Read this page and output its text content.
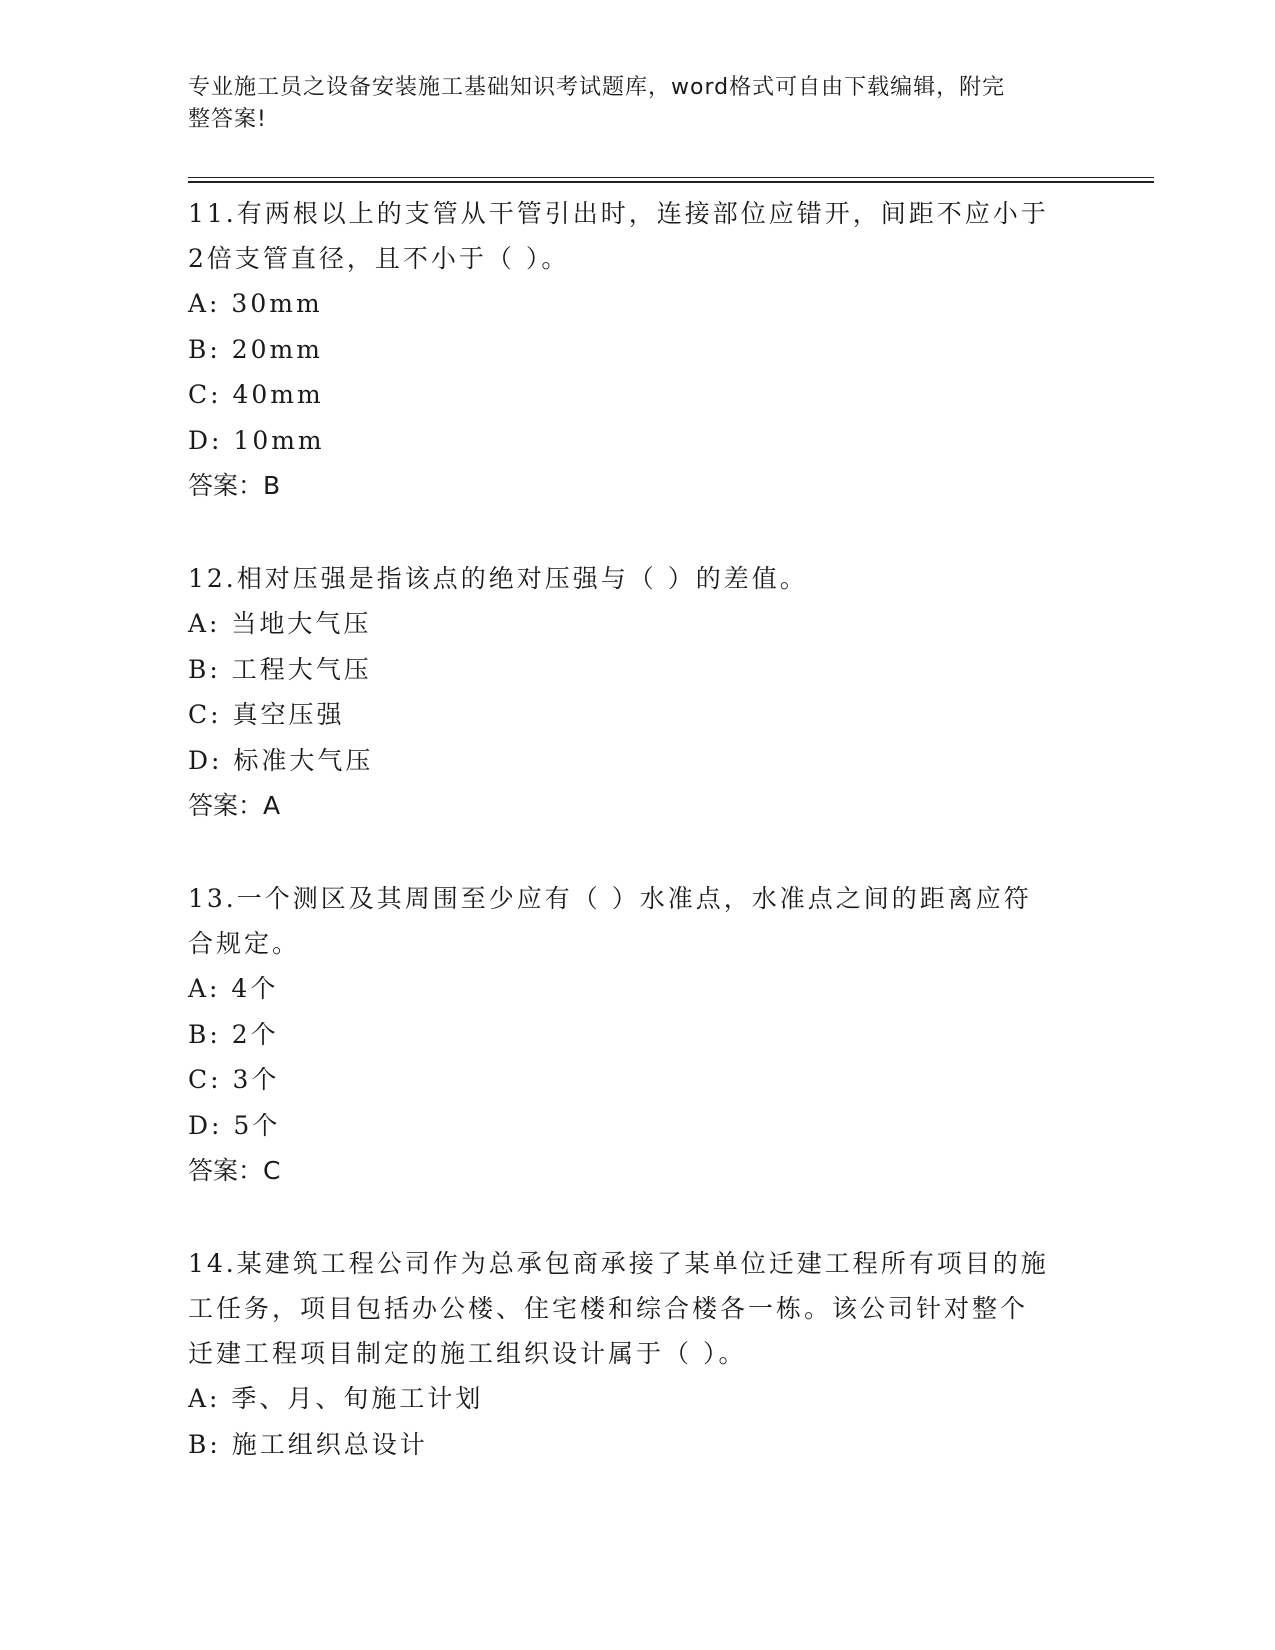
专业施工员之设备安装施工基础知识考试题库，word格式可自由下载编辑，附完
整答案!

11.有两根以上的支管从干管引出时，连接部位应错开，间距不应小于
2倍支管直径，且不小于（ ）。

A: 30mm

B: 20mm

C: 40mm

D: 10mm

答案：B

12.相对压强是指该点的绝对压强与（ ）的差值。

A: 当地大气压

B: 工程大气压

C: 真空压强

D: 标准大气压

答案：A

13.一个测区及其周围至少应有（ ）水准点，水准点之间的距离应符
合规定。

A: 4个

B: 2个

C: 3个

D: 5个

答案：C

14.某建筑工程公司作为总承包商承接了某单位迁建工程所有项目的施
工任务，项目包括办公楼、住宅楼和综合楼各一栋。该公司针对整个
迁建工程项目制定的施工组织设计属于（ ）。

A: 季、月、旬施工计划

B: 施工组织总设计
